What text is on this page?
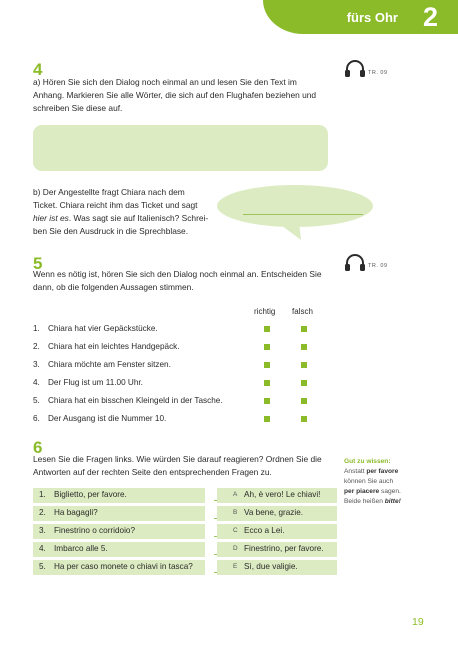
fürs Ohr 2
4
a) Hören Sie sich den Dialog noch einmal an und lesen Sie den Text im Anhang. Markieren Sie alle Wörter, die sich auf den Flughafen beziehen und schreiben Sie diese auf.
TR. 09
b) Der Angestellte fragt Chiara nach dem
Ticket. Chiara reicht ihm das Ticket und sagt
hier ist es. Was sagt sie auf Italienisch? Schrei-
ben Sie den Ausdruck in die Sprechblase.
5
Wenn es nötig ist, hören Sie sich den Dialog noch einmal an. Entscheiden Sie dann, ob die folgenden Aussagen stimmen.
TR. 09
richtig falsch
1. Chiara hat vier Gepäckstücke.
2. Chiara hat ein leichtes Handgepäck.
3. Chiara möchte am Fenster sitzen.
4. Der Flug ist um 11.00 Uhr.
5. Chiara hat ein bisschen Kleingeld in der Tasche.
6. Der Ausgang ist die Nummer 10.
6
Lesen Sie die Fragen links. Wie würden Sie darauf reagieren? Ordnen Sie die Antworten auf der rechten Seite den entsprechenden Fragen zu.
1. Biglietto, per favore.	A Ah, è vero! Le chiavi!
2. Ha bagagli?	B Va bene, grazie.
3. Finestrino o corridoio?	C Ecco a Lei.
4. Imbarco alle 5.	D Finestrino, per favore.
5. Ha per caso monete o chiavi in tasca?	E Sì, due valigie.
Gut zu wissen:
Anstatt per favore
können Sie auch
per piacere sagen.
Beide heißen bitte!
19
